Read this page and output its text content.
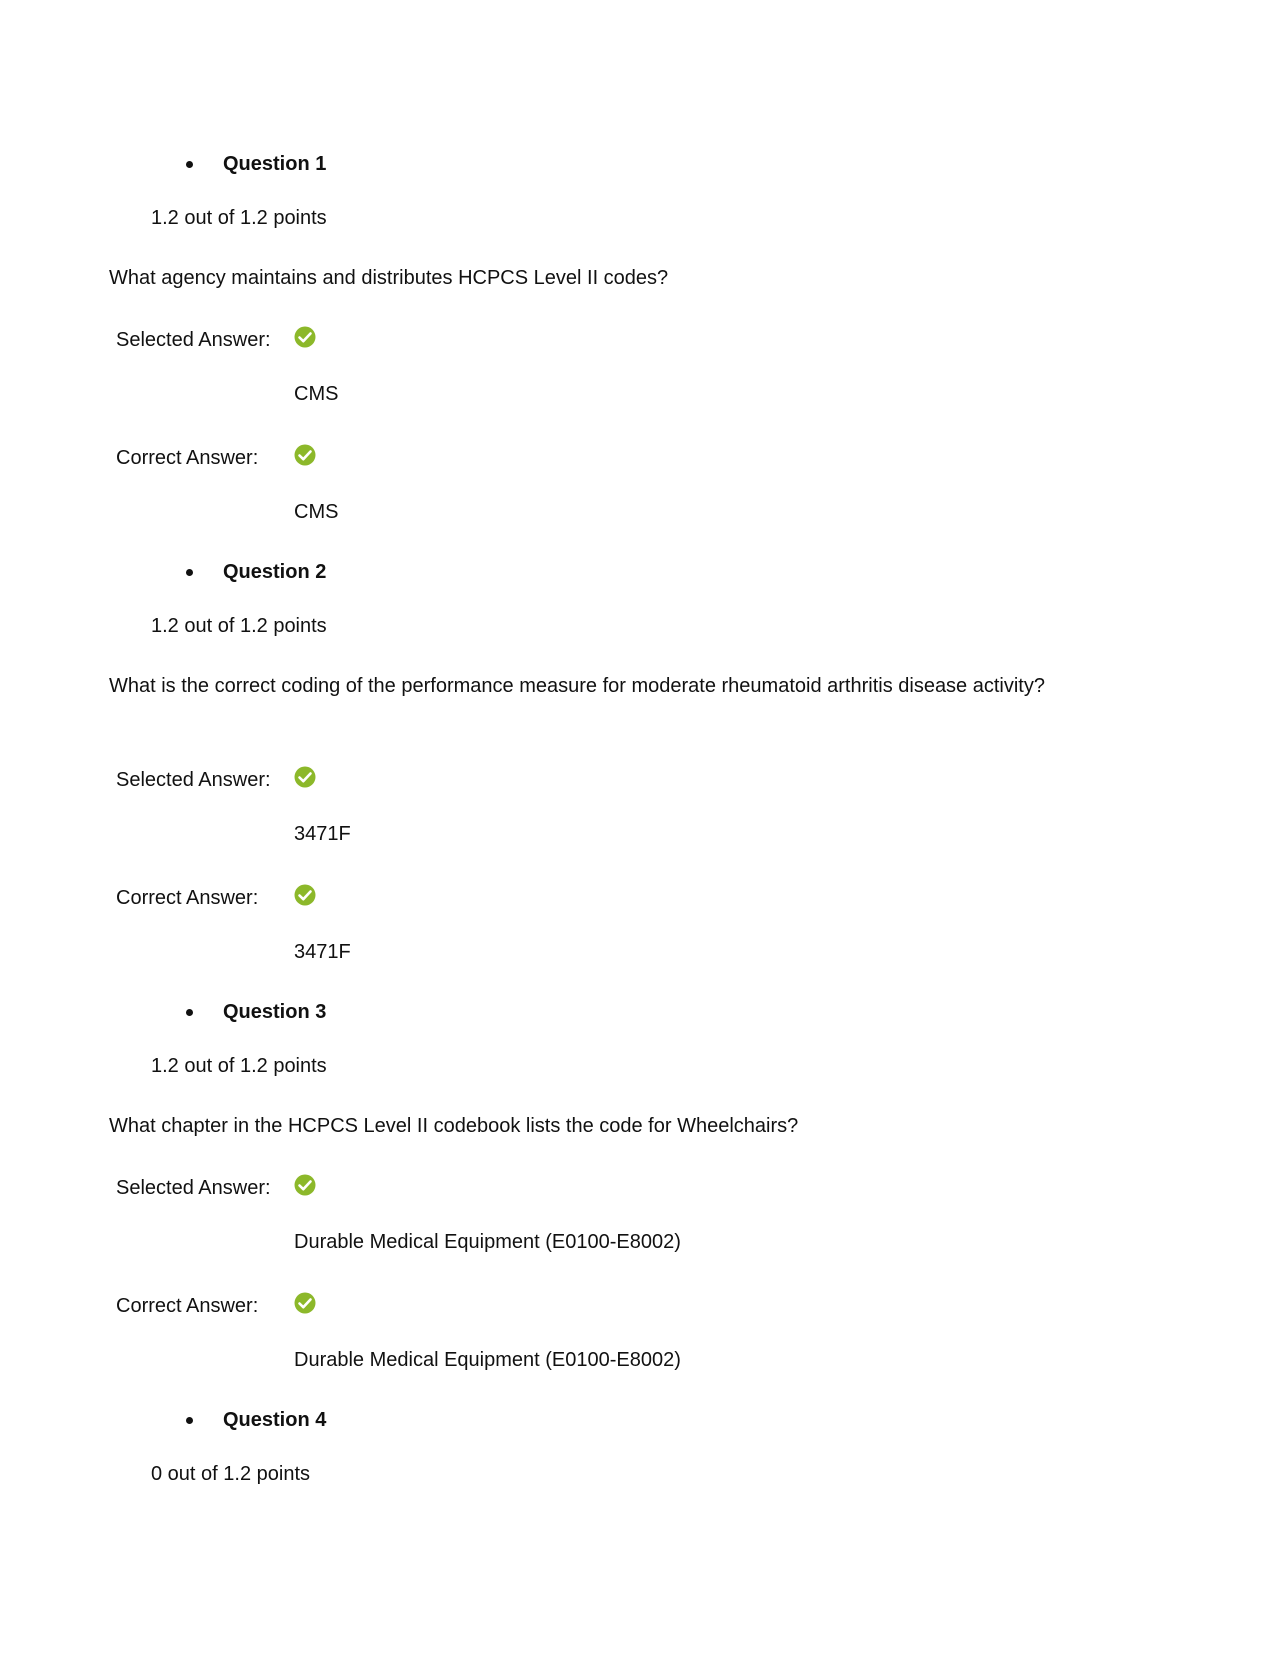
Question 1
1.2 out of 1.2 points
What agency maintains and distributes HCPCS Level II codes?
Selected Answer:
CMS
Correct Answer:
CMS
Question 2
1.2 out of 1.2 points
What is the correct coding of the performance measure for moderate rheumatoid arthritis disease activity?
Selected Answer:
3471F
Correct Answer:
3471F
Question 3
1.2 out of 1.2 points
What chapter in the HCPCS Level II codebook lists the code for Wheelchairs?
Selected Answer:
Durable Medical Equipment (E0100-E8002)
Correct Answer:
Durable Medical Equipment (E0100-E8002)
Question 4
0 out of 1.2 points
